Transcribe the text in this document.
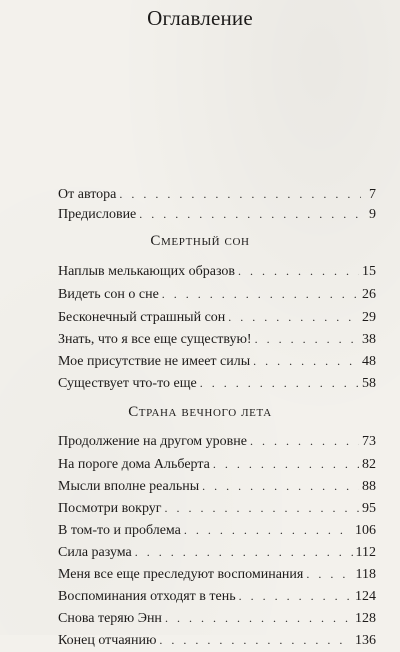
Оглавление
От автора . . .	7
Предисловие . . .	9
Наплыв мелькающих образов . . .	15
Видеть сон о сне . . .	26
Бесконечный страшный сон . . .	29
Знать, что я все еще существую! . . .	38
Мое присутствие не имеет силы . . .	48
Существует что-то еще . . .	58
Продолжение на другом уровне . . .	73
На пороге дома Альберта . . .	82
Мысли вполне реальны . . .	88
Посмотри вокруг . . .	95
В том-то и проблема . . .	106
Сила разума . . .	112
Меня все еще преследуют воспоминания . . .	118
Воспоминания отходят в тень . . .	124
Снова теряю Энн . . .	128
Конец отчаянию . . .	136
Смертный сон
Страна вечного лета
